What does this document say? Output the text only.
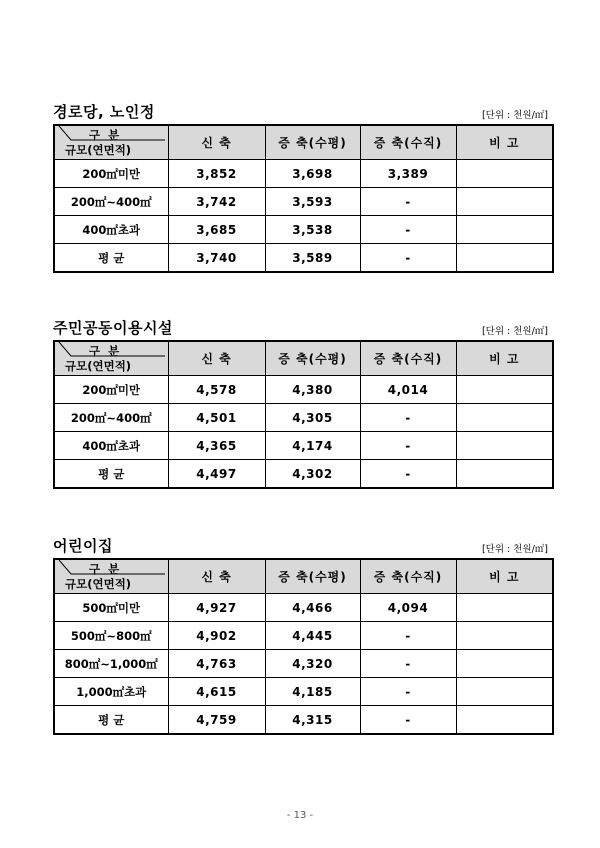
경로당, 노인정	[단위 : 천원/㎡]
구 분
규모(연면적)	신 축	증 축(수평)	증 축(수직)	비 고
200㎡미만	3,852	3,698	3,389	
200㎡~400㎡	3,742	3,593	-	
400㎡초과	3,685	3,538	-	
평 균	3,740	3,589	-	
주민공동이용시설	[단위 : 천원/㎡]
구 분
규모(연면적)	신 축	증 축(수평)	증 축(수직)	비 고
200㎡미만	4,578	4,380	4,014	
200㎡~400㎡	4,501	4,305	-	
400㎡초과	4,365	4,174	-	
평 균	4,497	4,302	-	
어린이집	[단위 : 천원/㎡]
구 분
규모(연면적)	신 축	증 축(수평)	증 축(수직)	비 고
500㎡미만	4,927	4,466	4,094	
500㎡~800㎡	4,902	4,445	-	
800㎡~1,000㎡	4,763	4,320	-	
1,000㎡초과	4,615	4,185	-	
평 균	4,759	4,315	-	
- 13 -
